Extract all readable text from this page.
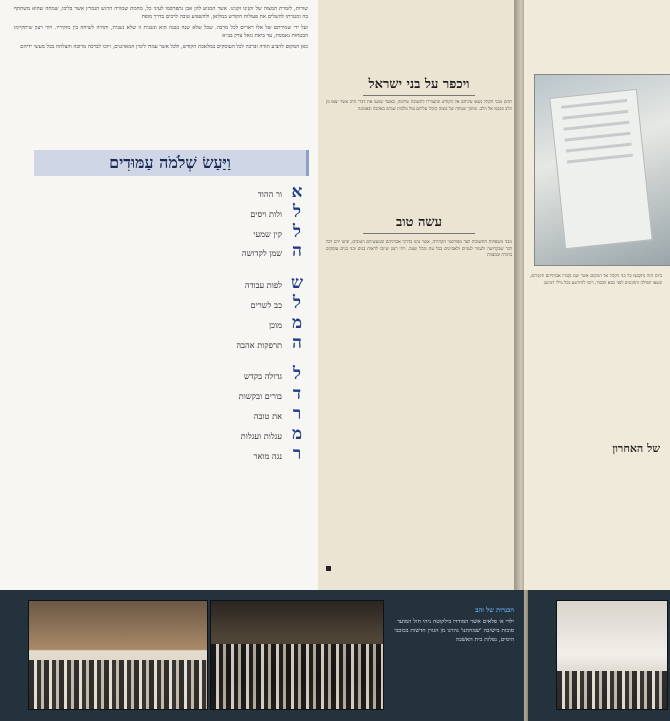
שורות, לזמרת המצוה של זקנינו זקנינו. אשר המגיע להן אכן נתפרסמו לעיני כל, מחמת שמורה הרגש הנמרץ אשר בליבו, שמחה שהוא משתתף בה ומטרתו להשלים את פעולות הקודש במלואן, ולהשפיע טובה לרבים בדרך מופת

ועל ידי שמירתם של אלו ראויים לכל מרבה. שכל שלא שנה נשנה הוא ונשנית זו שלא נשנית, ותהיה לשיחה בין מוקיריו. ויהי רצון שיתקיימו הבטחות נאמנות, עד ביאת גואל צדק בב״א

כאן המקום להביע תודה וברכה לכל העוסקים במלאכת הקודש, ולכל אשר עמדו לימין המארגנים, ויזכו לברכה מרובה והצלחה בכל מעשי ידיהם

וַיַּעַשׂ שְׁלֹמֹה עַמּוּדִים
א
ור ההוד
ל
ולות ויסים
ל
קין שמעי
ה
שמן לקדושה
ש
לפות עבודה
ל
כב לשרים
מ
מוכן
ה
תרפקות אהבה
ל
גדולה בקדש
ד
בורים ובקשות
ר
את טובה
מ
עגלות ועגלות
ר
נגה מואר
ויכפר על בני ישראל
רבים מבני הקהל נשאו עיניהם אל הקודש ונתעוררו לתשובה שלימה, כאשר שמעו את דברי הרב אשר יצאו מן הלב ונכנסו אל הלב. ומתוך שמחה של מצוה קיבלו עליהם עול מלכות שמים באהבה ובאמונה
עשה טוב
מבני משפחות החשובות לצד מפורסמי הקהילה, אשר נהגו בדרכי אבותיהם ובמעשיהם הטובים, ונתנו ידם לכל דבר שבקדושה ולעזור לעניים ולאביונים בכל עת ובכל שעה. ויהי רצון שיזכו לראות בנים ובני בנים עוסקים בתורה ובמצוות
ביום הזה נתקבצו כל בני הקהל אל המקום אשר שם נקברו אבותיהם וזקניהם, ונשאו תפילה ותחנונים לפני כסא הכבוד, ויזכו להיוושע בכל מילי דמיטב
של האחרון
הכנרות של זהב
ילדי א׳ פלאים אשר המודדו בילקוטה ניהי חול המועד סוכות בישיבה 'שמחתנו' נהרגו מן הגורן חדשות בכוכבי הימים, נפלות בית האשכה
